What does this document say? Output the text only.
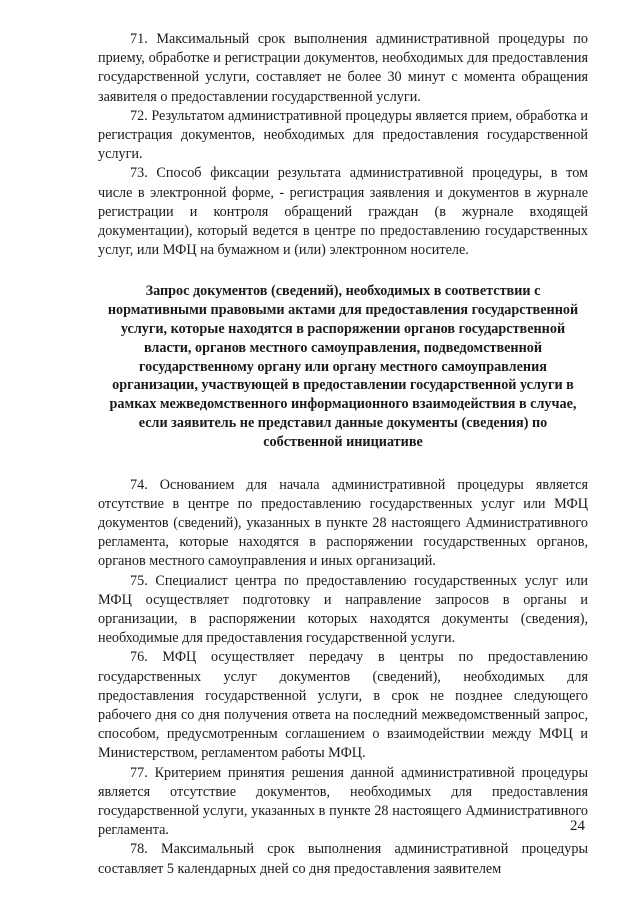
71. Максимальный срок выполнения административной процедуры по приему, обработке и регистрации документов, необходимых для предоставления государственной услуги, составляет не более 30 минут с момента обращения заявителя о предоставлении государственной услуги.

72. Результатом административной процедуры является прием, обработка и регистрация документов, необходимых для предоставления государственной услуги.

73. Способ фиксации результата административной процедуры, в том числе в электронной форме, - регистрация заявления и документов в журнале регистрации и контроля обращений граждан (в журнале входящей документации), который ведется в центре по предоставлению государственных услуг, или МФЦ на бумажном и (или) электронном носителе.

Запрос документов (сведений), необходимых в соответствии с нормативными правовыми актами для предоставления государственной услуги, которые находятся в распоряжении органов государственной власти, органов местного самоуправления, подведомственной государственному органу или органу местного самоуправления организации, участвующей в предоставлении государственной услуги в рамках межведомственного информационного взаимодействия в случае, если заявитель не представил данные документы (сведения) по собственной инициативе

74. Основанием для начала административной процедуры является отсутствие в центре по предоставлению государственных услуг или МФЦ документов (сведений), указанных в пункте 28 настоящего Административного регламента, которые находятся в распоряжении государственных органов, органов местного самоуправления и иных организаций.

75. Специалист центра по предоставлению государственных услуг или МФЦ осуществляет подготовку и направление запросов в органы и организации, в распоряжении которых находятся документы (сведения), необходимые для предоставления государственной услуги.

76. МФЦ осуществляет передачу в центры по предоставлению государственных услуг документов (сведений), необходимых для предоставления государственной услуги, в срок не позднее следующего рабочего дня со дня получения ответа на последний межведомственный запрос, способом, предусмотренным соглашением о взаимодействии между МФЦ и Министерством, регламентом работы МФЦ.

77. Критерием принятия решения данной административной процедуры является отсутствие документов, необходимых для предоставления государственной услуги, указанных в пункте 28 настоящего Административного регламента.

78. Максимальный срок выполнения административной процедуры составляет 5 календарных дней со дня предоставления заявителем

24
